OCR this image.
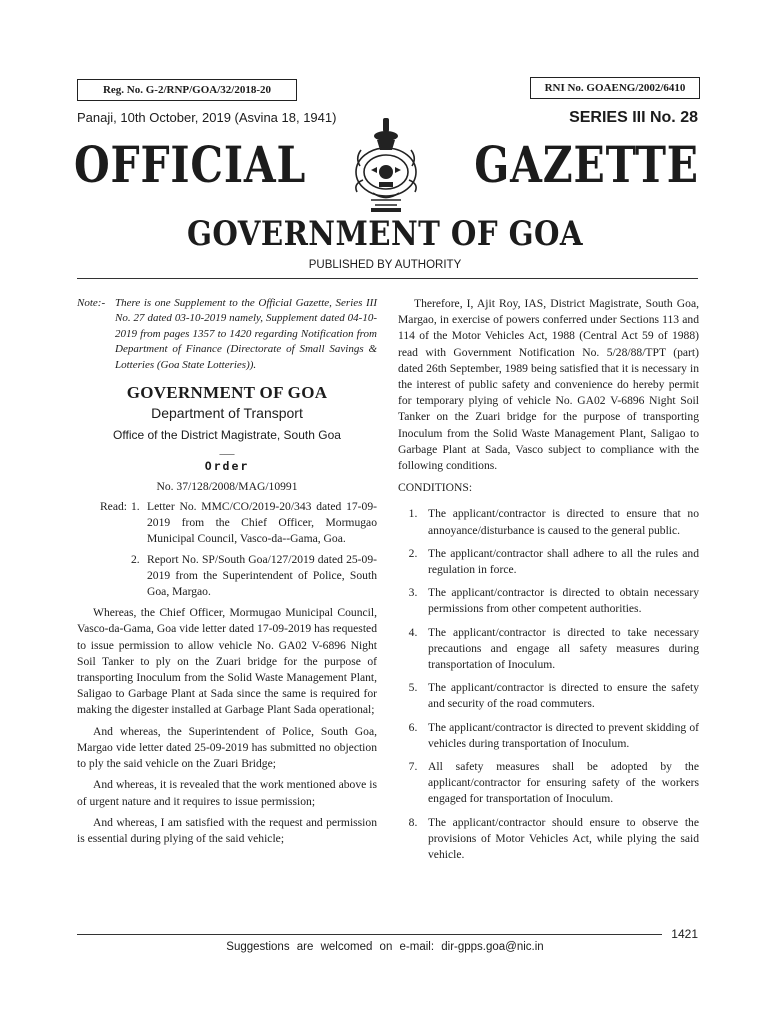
Reg. No. G-2/RNP/GOA/32/2018-20	RNI No. GOAENG/2002/6410
Panaji, 10th October, 2019 (Asvina 18, 1941)	SERIES III No. 28
OFFICIAL	GAZETTE
GOVERNMENT OF GOA
PUBLISHED BY AUTHORITY
Note:- There is one Supplement to the Official Gazette, Series III No. 27 dated 03-10-2019 namely, Supplement dated 04-10-2019 from pages 1357 to 1420 regarding Notification from Department of Finance (Directorate of Small Savings & Lotteries (Goa State Lotteries)).
GOVERNMENT OF GOA
Department of Transport
Office of the District Magistrate, South Goa
___
Order
No. 37/128/2008/MAG/10991
Read: 1. Letter No. MMC/CO/2019-20/343 dated 17-09-2019 from the Chief Officer, Mormugao Municipal Council, Vasco-da--Gama, Goa.
2. Report No. SP/South Goa/127/2019 dated 25-09-2019 from the Superintendent of Police, South Goa, Margao.

Whereas, the Chief Officer, Mormugao Municipal Council, Vasco-da-Gama, Goa vide letter dated 17-09-2019 has requested to issue permission to allow vehicle No. GA02 V-6896 Night Soil Tanker to ply on the Zuari bridge for the purpose of transporting Inoculum from the Solid Waste Management Plant, Saligao to Garbage Plant at Sada since the same is required for making the digester installed at Garbage Plant Sada operational;

And whereas, the Superintendent of Police, South Goa, Margao vide letter dated 25-09-2019 has submitted no objection to ply the said vehicle on the Zuari Bridge;

And whereas, it is revealed that the work mentioned above is of urgent nature and it requires to issue permission;

And whereas, I am satisfied with the request and permission is essential during plying of the said vehicle;

Therefore, I, Ajit Roy, IAS, District Magistrate, South Goa, Margao, in exercise of powers conferred under Sections 113 and 114 of the Motor Vehicles Act, 1988 (Central Act 59 of 1988) read with Government Notification No. 5/28/88/TPT (part) dated 26th September, 1989 being satisfied that it is necessary in the interest of public safety and convenience do hereby permit for temporary plying of vehicle No. GA02 V-6896 Night Soil Tanker on the Zuari bridge for the purpose of transporting Inoculum from the Solid Waste Management Plant, Saligao to Garbage Plant at Sada, Vasco subject to compliance with the following conditions.

CONDITIONS:
1. The applicant/contractor is directed to ensure that no annoyance/disturbance is caused to the general public.
2. The applicant/contractor shall adhere to all the rules and regulation in force.
3. The applicant/contractor is directed to obtain necessary permissions from other competent authorities.
4. The applicant/contractor is directed to take necessary precautions and engage all safety measures during transportation of Inoculum.
5. The applicant/contractor is directed to ensure the safety and security of the road commuters.
6. The applicant/contractor is directed to prevent skidding of vehicles during transportation of Inoculum.
7. All safety measures shall be adopted by the applicant/contractor for ensuring safety of the workers engaged for transportation of Inoculum.
8. The applicant/contractor should ensure to observe the provisions of Motor Vehicles Act, while plying the said vehicle.
1421
Suggestions are welcomed on e-mail: dir-gpps.goa@nic.in
